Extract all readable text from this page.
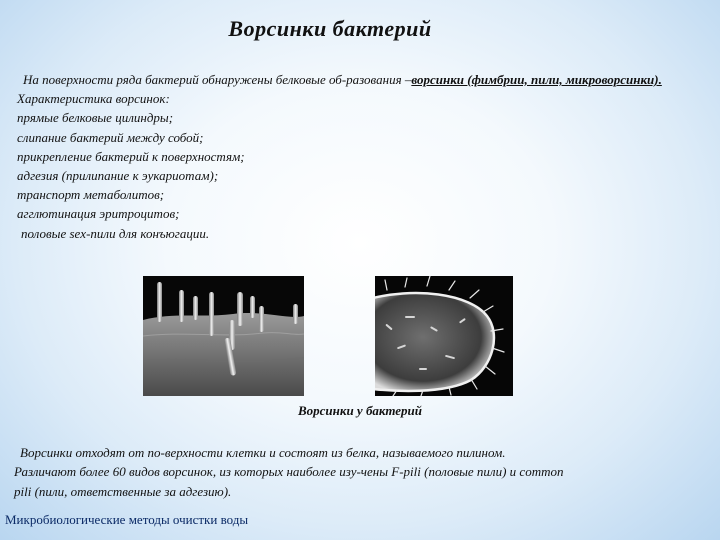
Ворсинки бактерий
На поверхности ряда бактерий обнаружены белковые об-разования –ворсинки (фимбрии, пили, микроворсинки).
Характеристика ворсинок:
прямые белковые цилиндры;
слипание бактерий между собой;
прикрепление бактерий к поверхностям;
адгезия (прилипание к эукариотам);
транспорт метаболитов;
агглютинация эритроцитов;
половые sex-пили для конъюгации.
Ворсинки у бактерий
Ворсинки отходят от по-верхности клетки и состоят из белка, называемого пилином.
Различают более 60 видов ворсинок, из которых наиболее изу-чены F-pili (половые пили) и common
pili (пили, ответственные за адгезию).
Микробиологические методы очистки воды
